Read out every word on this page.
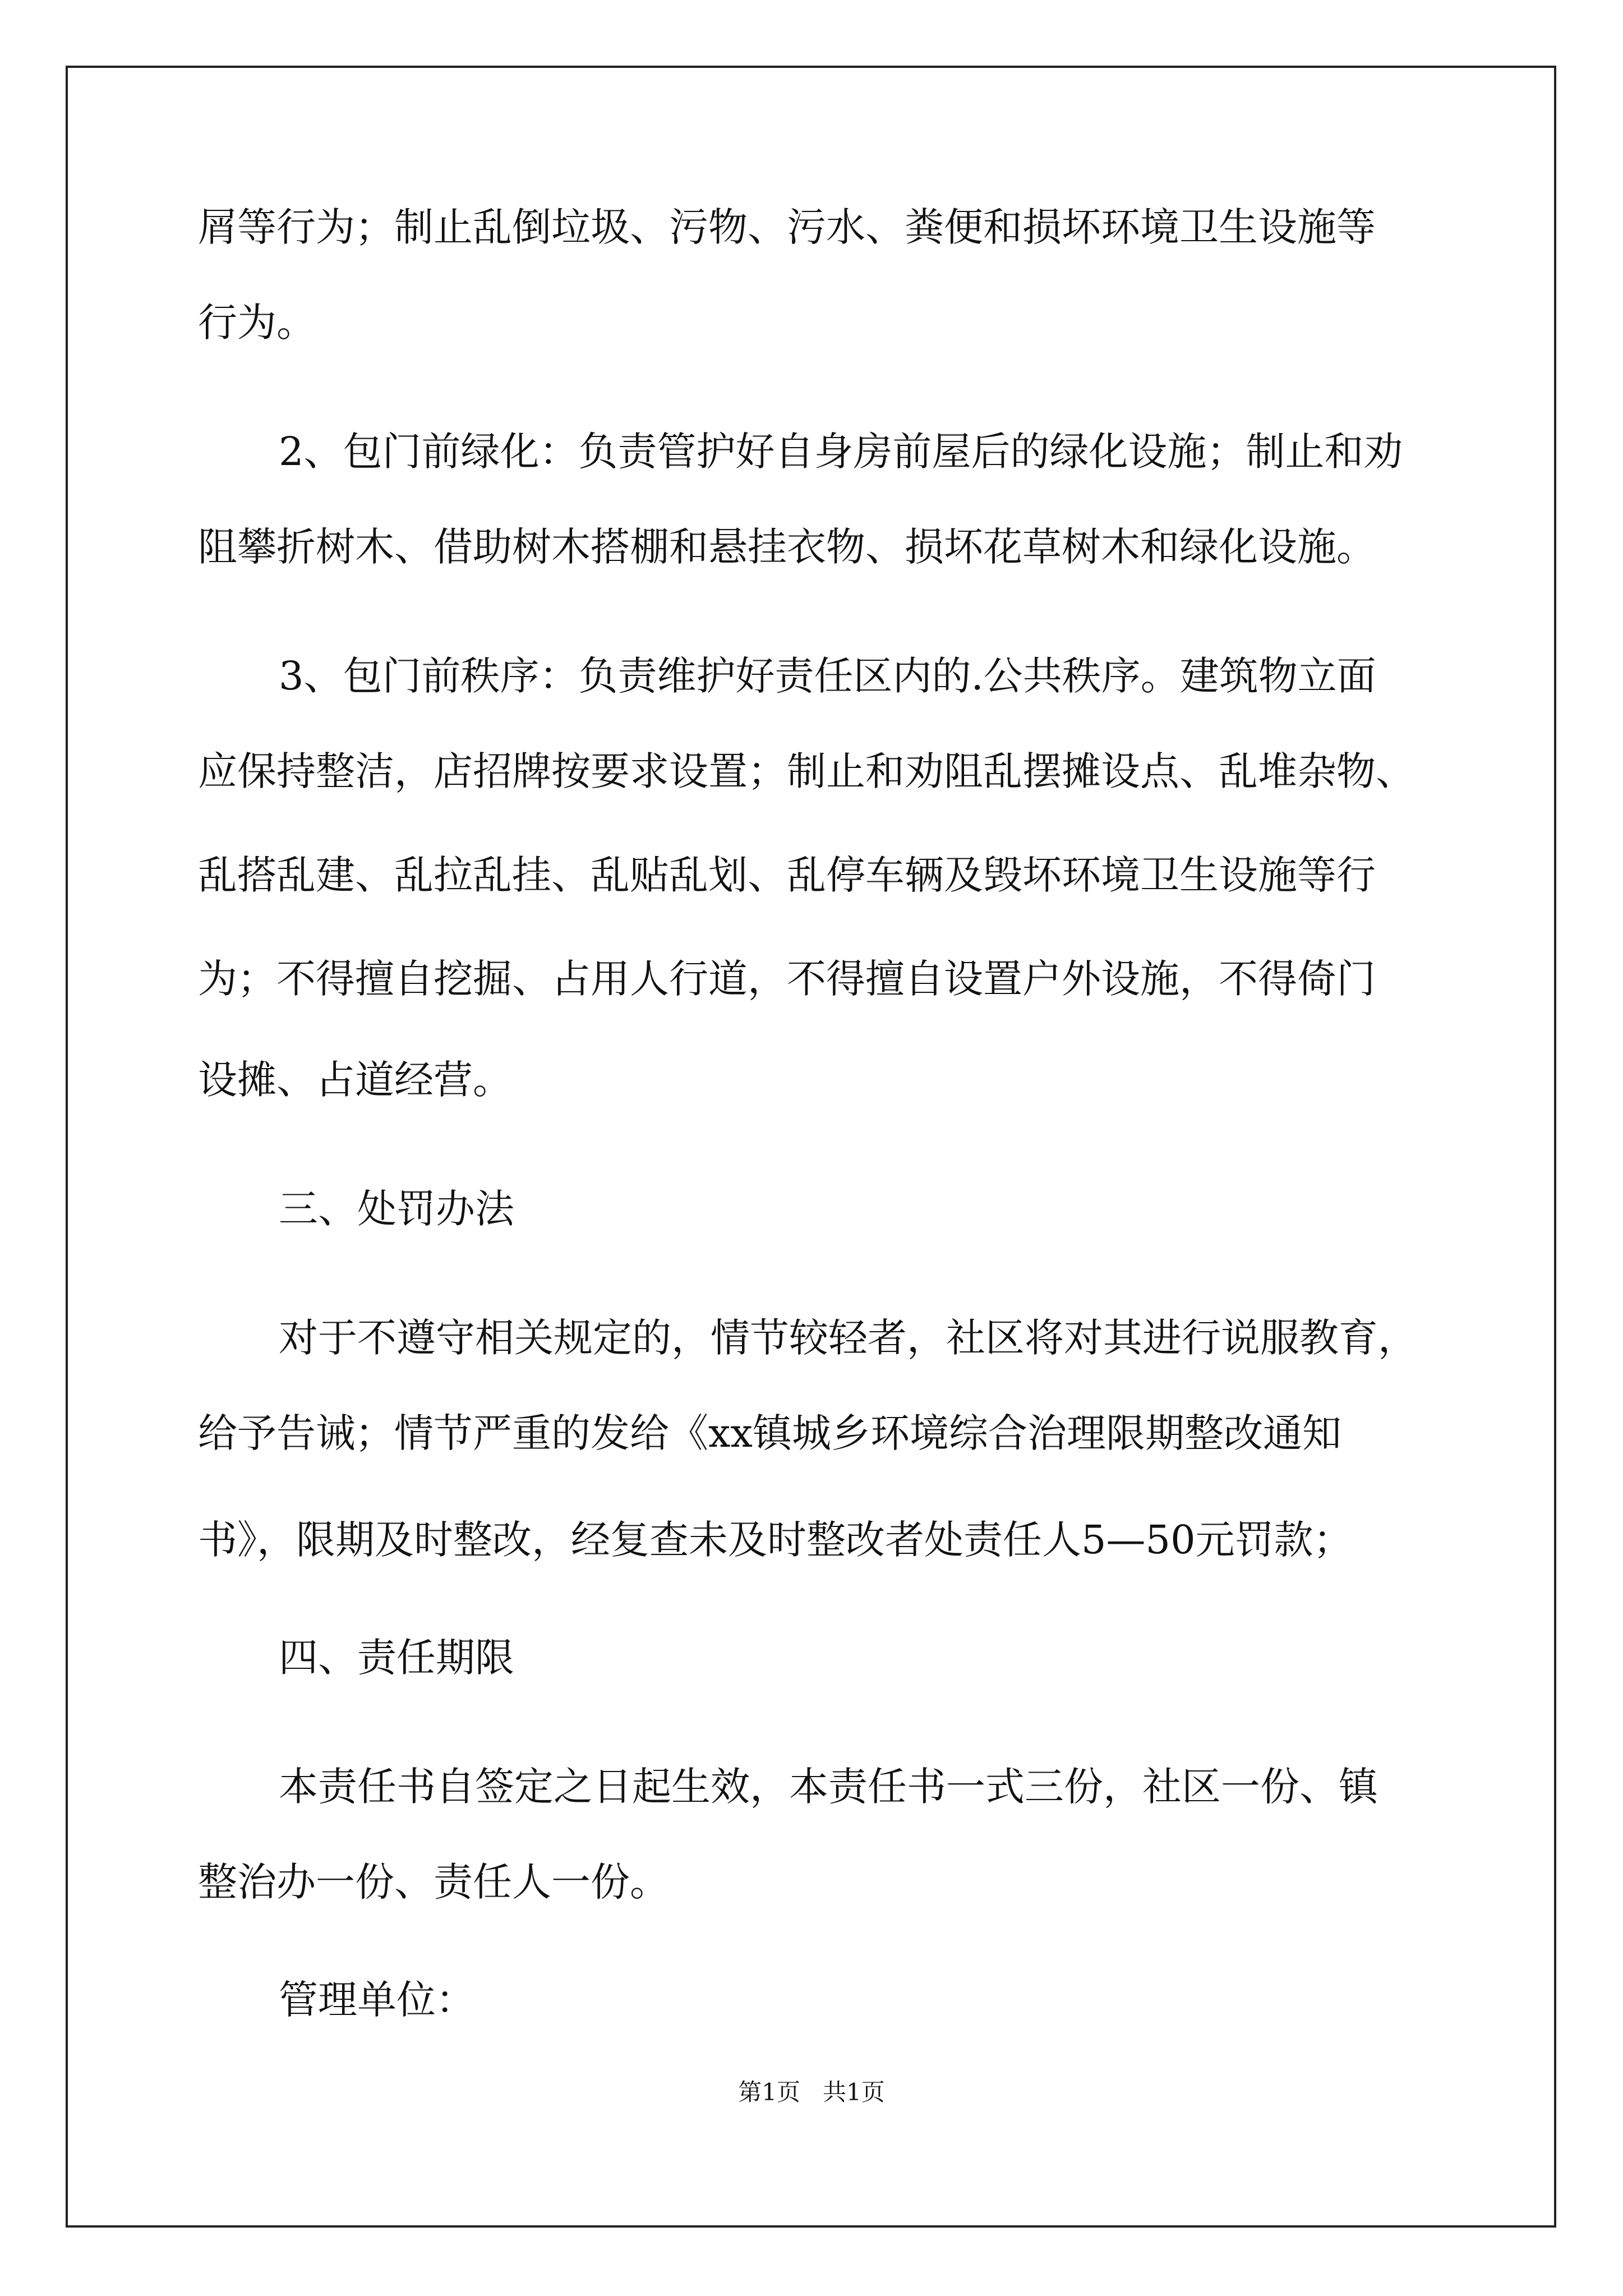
屑等行为；制止乱倒垃圾、污物、污水、粪便和损坏环境卫生设施等
行为。
2、包门前绿化：负责管护好自身房前屋后的绿化设施；制止和劝
阻攀折树木、借助树木搭棚和悬挂衣物、损坏花草树木和绿化设施。
3、包门前秩序：负责维护好责任区内的.公共秩序。建筑物立面
应保持整洁，店招牌按要求设置；制止和劝阻乱摆摊设点、乱堆杂物、
乱搭乱建、乱拉乱挂、乱贴乱划、乱停车辆及毁坏环境卫生设施等行
为；不得擅自挖掘、占用人行道，不得擅自设置户外设施，不得倚门
设摊、占道经营。
三、处罚办法
对于不遵守相关规定的，情节较轻者，社区将对其进行说服教育，
给予告诫；情节严重的发给《xx镇城乡环境综合治理限期整改通知
书》，限期及时整改，经复查未及时整改者处责任人5—50元罚款；
四、责任期限
本责任书自签定之日起生效，本责任书一式三份，社区一份、镇
整治办一份、责任人一份。
管理单位：
第1页   共1页
